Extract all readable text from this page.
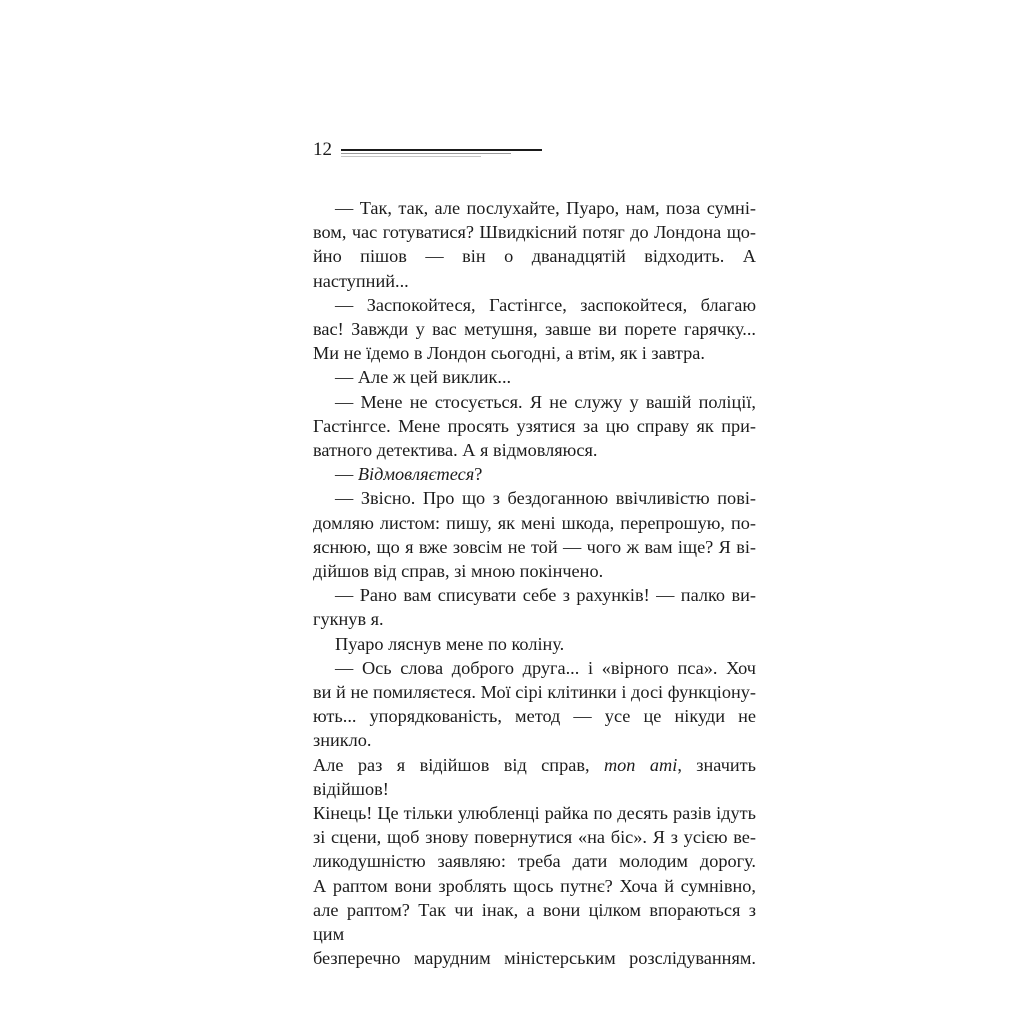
12

— Так, так, але послухайте, Пуаро, нам, поза сумні-

вом, час готуватися? Швидкісний потяг до Лондона що-

йно пішов — він о дванадцятій відходить. А наступний...

— Заспокойтеся, Гастінгсе, заспокойтеся, благаю

вас! Завжди у вас метушня, завше ви порете гарячку...

Ми не їдемо в Лондон сьогодні, а втім, як і завтра.

— Але ж цей виклик...

— Мене не стосується. Я не служу у вашій поліції,

Гастінгсе. Мене просять узятися за цю справу як при-

ватного детектива. А я відмовляюся.

— Відмовляєтеся?

— Звісно. Про що з бездоганною ввічливістю пові-

домляю листом: пишу, як мені шкода, перепрошую, по-

яснюю, що я вже зовсім не той — чого ж вам іще? Я ві-

дійшов від справ, зі мною покінчено.

— Рано вам списувати себе з рахунків! — палко ви-

гукнув я.

Пуаро ляснув мене по коліну.

— Ось слова доброго друга... і «вірного пса». Хоч

ви й не помиляєтеся. Мої сірі клітинки і досі функціону-

ють... упорядкованість, метод — усе це нікуди не зникло.

Але раз я відійшов від справ, mon ami, значить відійшов!

Кінець! Це тільки улюбленці райка по десять разів ідуть

зі сцени, щоб знову повернутися «на біс». Я з усією ве-

ликодушністю заявляю: треба дати молодим дорогу.

А раптом вони зроблять щось путнє? Хоча й сумнівно,

але раптом? Так чи інак, а вони цілком впораються з цим

безперечно марудним міністерським розслідуванням.
